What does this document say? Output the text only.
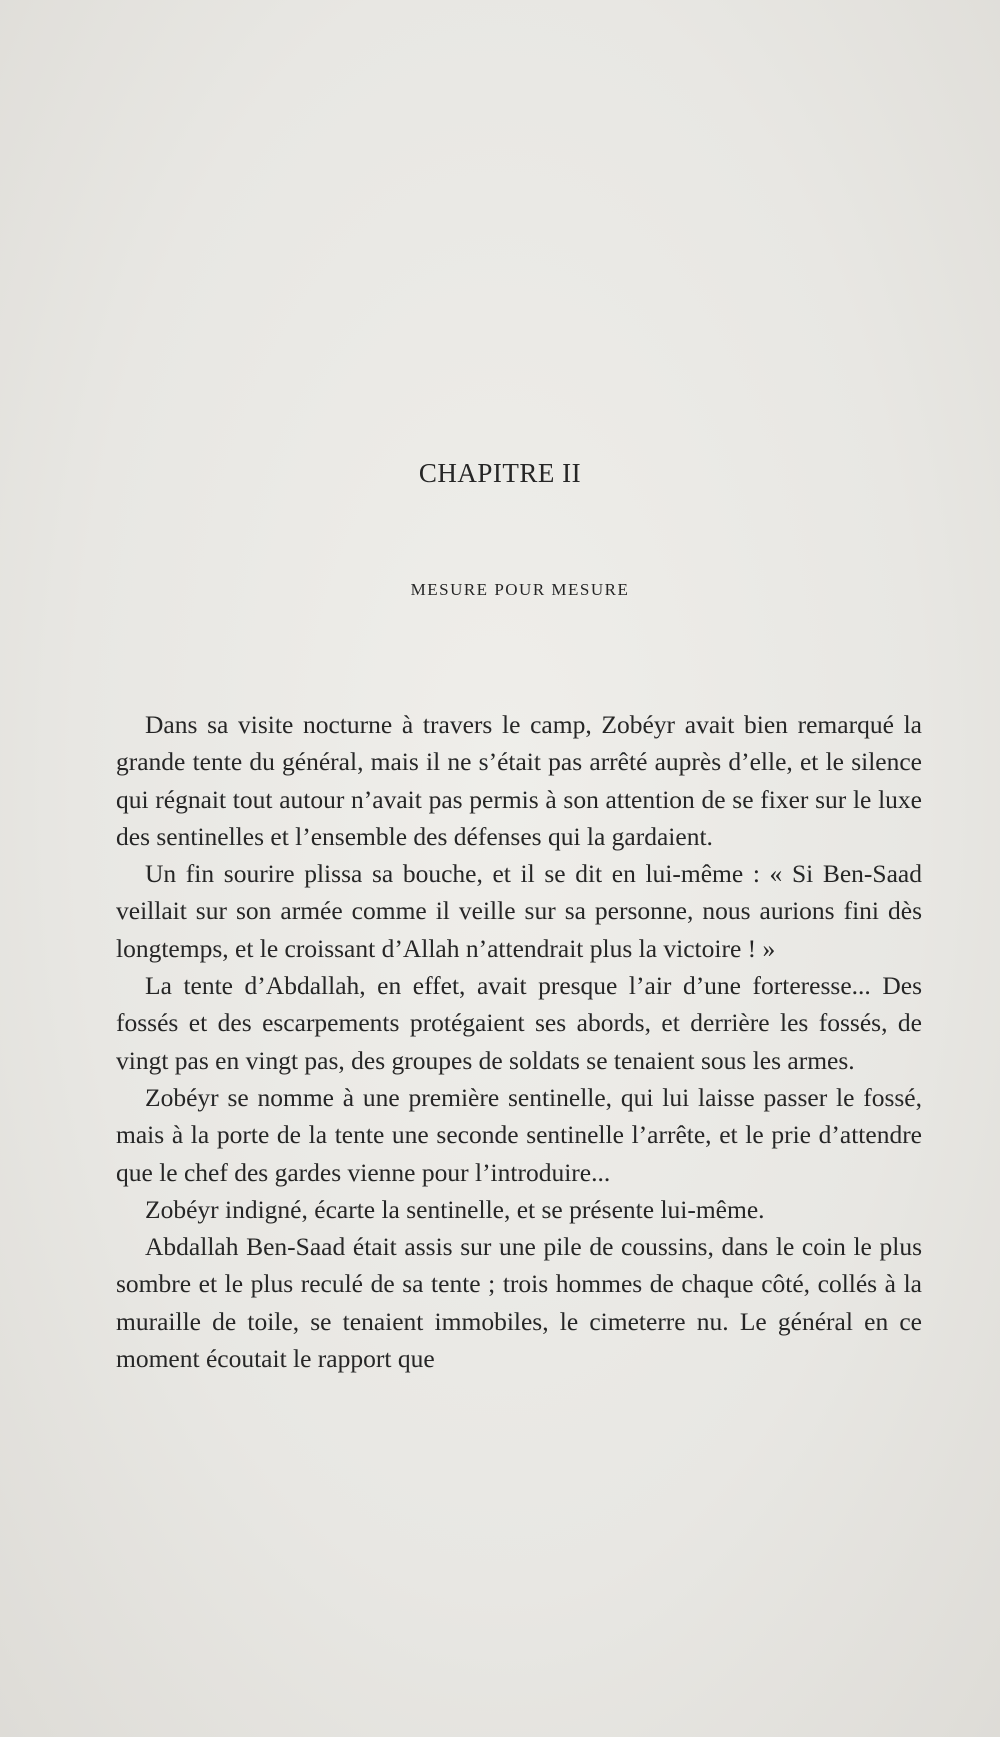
CHAPITRE II
MESURE POUR MESURE

Dans sa visite nocturne à travers le camp, Zobéyr avait bien remarqué la grande tente du général, mais il ne s’était pas arrêté auprès d’elle, et le silence qui régnait tout autour n’avait pas permis à son attention de se fixer sur le luxe des sentinelles et l’ensemble des défenses qui la gardaient.

Un fin sourire plissa sa bouche, et il se dit en lui-même : « Si Ben-Saad veillait sur son armée comme il veille sur sa personne, nous aurions fini dès longtemps, et le croissant d’Allah n’attendrait plus la victoire ! »

La tente d’Abdallah, en effet, avait presque l’air d’une forteresse... Des fossés et des escarpements protégaient ses abords, et derrière les fossés, de vingt pas en vingt pas, des groupes de soldats se tenaient sous les armes.

Zobéyr se nomme à une première sentinelle, qui lui laisse passer le fossé, mais à la porte de la tente une seconde sentinelle l’arrête, et le prie d’attendre que le chef des gardes vienne pour l’introduire...

Zobéyr indigné, écarte la sentinelle, et se présente lui-même.

Abdallah Ben-Saad était assis sur une pile de coussins, dans le coin le plus sombre et le plus reculé de sa tente ; trois hommes de chaque côté, collés à la muraille de toile, se tenaient immobiles, le cimeterre nu. Le général en ce moment écoutait le rapport que
